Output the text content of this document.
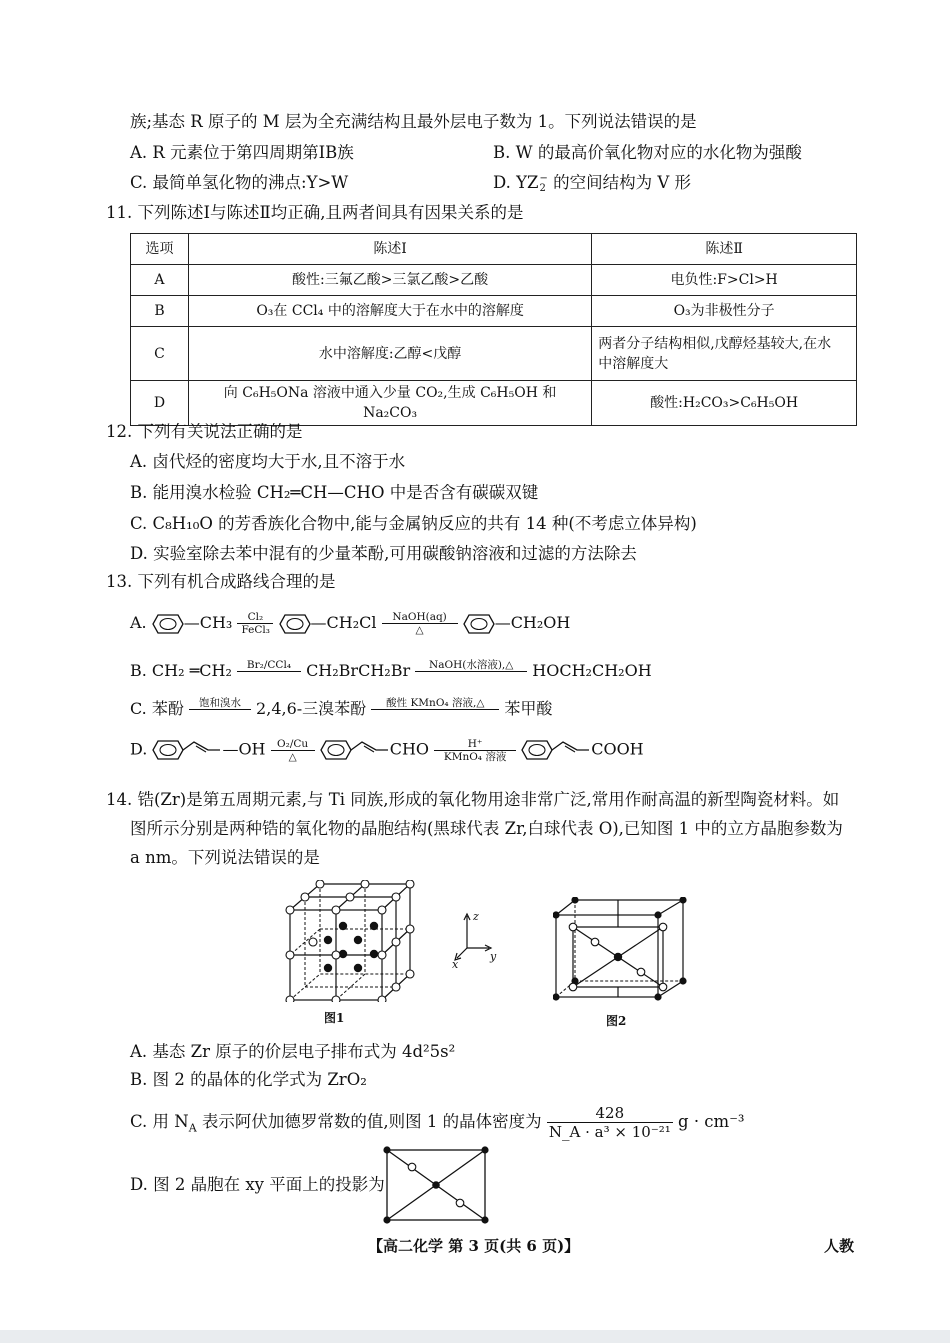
族;基态 R 原子的 M 层为全充满结构且最外层电子数为 1。下列说法错误的是
A. R 元素位于第四周期第ⅠB族	B. W 的最高价氧化物对应的水化物为强酸
C. 最简单氢化物的沸点:Y>W	D. YZ −
2 的空间结构为 V 形
11. 下列陈述Ⅰ与陈述Ⅱ均正确,且两者间具有因果关系的是
选项	陈述Ⅰ	陈述Ⅱ
A	酸性:三氟乙酸>三氯乙酸>乙酸	电负性:F>Cl>H
B	O₃在 CCl₄ 中的溶解度大于在水中的溶解度	O₃为非极性分子
C	水中溶解度:乙醇<戊醇	两者分子结构相似,戊醇烃基较大,在水
中溶解度大
D	向 C₆H₅ONa 溶液中通入少量 CO₂,生成 C₆H₅OH 和 Na₂CO₃	酸性:H₂CO₃>C₆H₅OH
12. 下列有关说法正确的是
A. 卤代烃的密度均大于水,且不溶于水
B. 能用溴水检验 CH₂═CH—CHO 中是否含有碳碳双键
C. C₈H₁₀O 的芳香族化合物中,能与金属钠反应的共有 14 种(不考虑立体异构)
D. 实验室除去苯中混有的少量苯酚,可用碳酸钠溶液和过滤的方法除去
13. 下列有机合成路线合理的是
A. —CH₃	Cl₂
FeCl₃	—CH₂Cl	NaOH(aq)
△	—CH₂OH
B. CH₂ ═CH₂	Br₂/CCl₄
CH₂BrCH₂Br	NaOH(水溶液),△
	HOCH₂CH₂OH
C. 苯酚	饱和溴水
2,4,6-三溴苯酚	酸性 KMnO₄ 溶液,△
	苯甲酸
D.	—OH	O₂/Cu
△	CHO	H⁺
KMnO₄ 溶液	COOH
14. 锆(Zr)是第五周期元素,与 Ti 同族,形成的氧化物用途非常广泛,常用作耐高温的新型陶瓷材料。如
图所示分别是两种锆的氧化物的晶胞结构(黑球代表 Zr,白球代表 O),已知图 1 中的立方晶胞参数为
a nm。下列说法错误的是
图1
z
y
x
图2
A. 基态 Zr 原子的价层电子排布式为 4d²5s²
B. 图 2 的晶体的化学式为 ZrO₂
C. 用 $N_A$ 表示阿伏加德罗常数的值,则图 1 的晶体密度为 $\frac{428}{\text{N\_A · a³ × 10⁻²¹}}$ g · cm⁻³
D. 图 2 晶胞在 xy 平面上的投影为
【高二化学 第 3 页(共 6 页)】	人教
